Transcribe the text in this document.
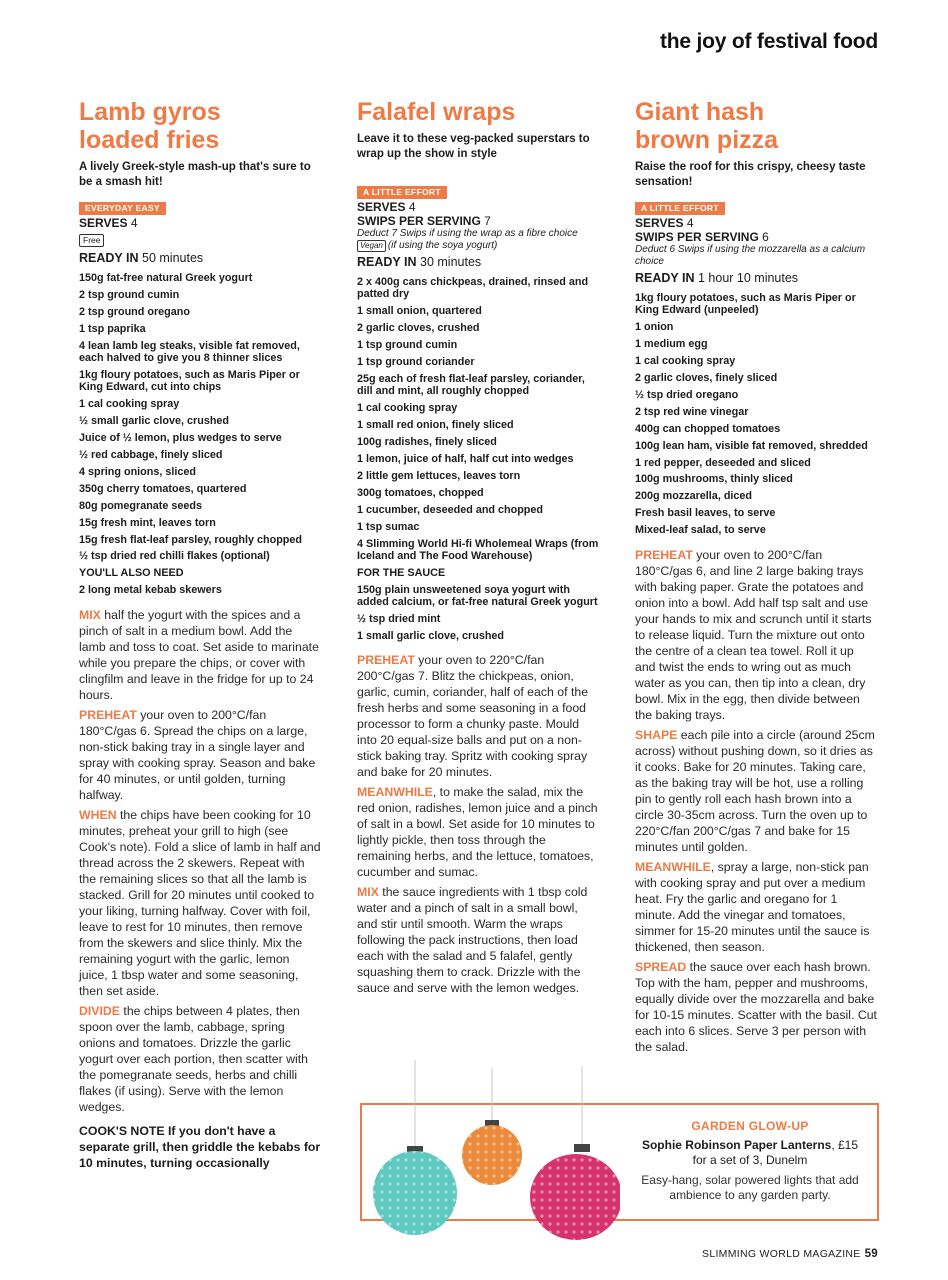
the joy of festival food
Lamb gyros
loaded fries
A lively Greek-style mash-up that's sure to be a smash hit!
EVERYDAY EASY
SERVES 4
Free
READY IN 50 minutes
150g fat-free natural Greek yogurt
2 tsp ground cumin
2 tsp ground oregano
1 tsp paprika
4 lean lamb leg steaks, visible fat removed, each halved to give you 8 thinner slices
1kg floury potatoes, such as Maris Piper or King Edward, cut into chips
1 cal cooking spray
½ small garlic clove, crushed
Juice of ½ lemon, plus wedges to serve
½ red cabbage, finely sliced
4 spring onions, sliced
350g cherry tomatoes, quartered
80g pomegranate seeds
15g fresh mint, leaves torn
15g fresh flat-leaf parsley, roughly chopped
½ tsp dried red chilli flakes (optional)
YOU'LL ALSO NEED
2 long metal kebab skewers
MIX half the yogurt with the spices and a pinch of salt in a medium bowl. Add the lamb and toss to coat. Set aside to marinate while you prepare the chips, or cover with clingfilm and leave in the fridge for up to 24 hours.
PREHEAT your oven to 200°C/fan 180°C/gas 6. Spread the chips on a large, non-stick baking tray in a single layer and spray with cooking spray. Season and bake for 40 minutes, or until golden, turning halfway.
WHEN the chips have been cooking for 10 minutes, preheat your grill to high (see Cook's note). Fold a slice of lamb in half and thread across the 2 skewers. Repeat with the remaining slices so that all the lamb is stacked. Grill for 20 minutes until cooked to your liking, turning halfway. Cover with foil, leave to rest for 10 minutes, then remove from the skewers and slice thinly. Mix the remaining yogurt with the garlic, lemon juice, 1 tbsp water and some seasoning, then set aside.
DIVIDE the chips between 4 plates, then spoon over the lamb, cabbage, spring onions and tomatoes. Drizzle the garlic yogurt over each portion, then scatter with the pomegranate seeds, herbs and chilli flakes (if using). Serve with the lemon wedges.
COOK'S NOTE If you don't have a separate grill, then griddle the kebabs for 10 minutes, turning occasionally
Falafel wraps
Leave it to these veg-packed superstars to wrap up the show in style
A LITTLE EFFORT
SERVES 4
SWIPS PER SERVING 7
Deduct 7 Swips if using the wrap as a fibre choice
Vegan (if using the soya yogurt)
READY IN 30 minutes
2 x 400g cans chickpeas, drained, rinsed and patted dry
1 small onion, quartered
2 garlic cloves, crushed
1 tsp ground cumin
1 tsp ground coriander
25g each of fresh flat-leaf parsley, coriander, dill and mint, all roughly chopped
1 cal cooking spray
1 small red onion, finely sliced
100g radishes, finely sliced
1 lemon, juice of half, half cut into wedges
2 little gem lettuces, leaves torn
300g tomatoes, chopped
1 cucumber, deseeded and chopped
1 tsp sumac
4 Slimming World Hi-fi Wholemeal Wraps (from Iceland and The Food Warehouse)
FOR THE SAUCE
150g plain unsweetened soya yogurt with added calcium, or fat-free natural Greek yogurt
½ tsp dried mint
1 small garlic clove, crushed
PREHEAT your oven to 220°C/fan 200°C/gas 7. Blitz the chickpeas, onion, garlic, cumin, coriander, half of each of the fresh herbs and some seasoning in a food processor to form a chunky paste. Mould into 20 equal-size balls and put on a non-stick baking tray. Spritz with cooking spray and bake for 20 minutes.
MEANWHILE, to make the salad, mix the red onion, radishes, lemon juice and a pinch of salt in a bowl. Set aside for 10 minutes to lightly pickle, then toss through the remaining herbs, and the lettuce, tomatoes, cucumber and sumac.
MIX the sauce ingredients with 1 tbsp cold water and a pinch of salt in a small bowl, and stir until smooth. Warm the wraps following the pack instructions, then load each with the salad and 5 falafel, gently squashing them to crack. Drizzle with the sauce and serve with the lemon wedges.
Giant hash
brown pizza
Raise the roof for this crispy, cheesy taste sensation!
A LITTLE EFFORT
SERVES 4
SWIPS PER SERVING 6
Deduct 6 Swips if using the mozzarella as a calcium choice
READY IN 1 hour 10 minutes
1kg floury potatoes, such as Maris Piper or King Edward (unpeeled)
1 onion
1 medium egg
1 cal cooking spray
2 garlic cloves, finely sliced
½ tsp dried oregano
2 tsp red wine vinegar
400g can chopped tomatoes
100g lean ham, visible fat removed, shredded
1 red pepper, deseeded and sliced
100g mushrooms, thinly sliced
200g mozzarella, diced
Fresh basil leaves, to serve
Mixed-leaf salad, to serve
PREHEAT your oven to 200°C/fan 180°C/gas 6, and line 2 large baking trays with baking paper. Grate the potatoes and onion into a bowl. Add half tsp salt and use your hands to mix and scrunch until it starts to release liquid. Turn the mixture out onto the centre of a clean tea towel. Roll it up and twist the ends to wring out as much water as you can, then tip into a clean, dry bowl. Mix in the egg, then divide between the baking trays.
SHAPE each pile into a circle (around 25cm across) without pushing down, so it dries as it cooks. Bake for 20 minutes. Taking care, as the baking tray will be hot, use a rolling pin to gently roll each hash brown into a circle 30-35cm across. Turn the oven up to 220°C/fan 200°C/gas 7 and bake for 15 minutes until golden.
MEANWHILE, spray a large, non-stick pan with cooking spray and put over a medium heat. Fry the garlic and oregano for 1 minute. Add the vinegar and tomatoes, simmer for 15-20 minutes until the sauce is thickened, then season.
SPREAD the sauce over each hash brown. Top with the ham, pepper and mushrooms, equally divide over the mozzarella and bake for 10-15 minutes. Scatter with the basil. Cut each into 6 slices. Serve 3 per person with the salad.
GARDEN GLOW-UP
Sophie Robinson Paper Lanterns, £15 for a set of 3, Dunelm
Easy-hang, solar powered lights that add ambience to any garden party.
SLIMMING WORLD MAGAZINE 59
